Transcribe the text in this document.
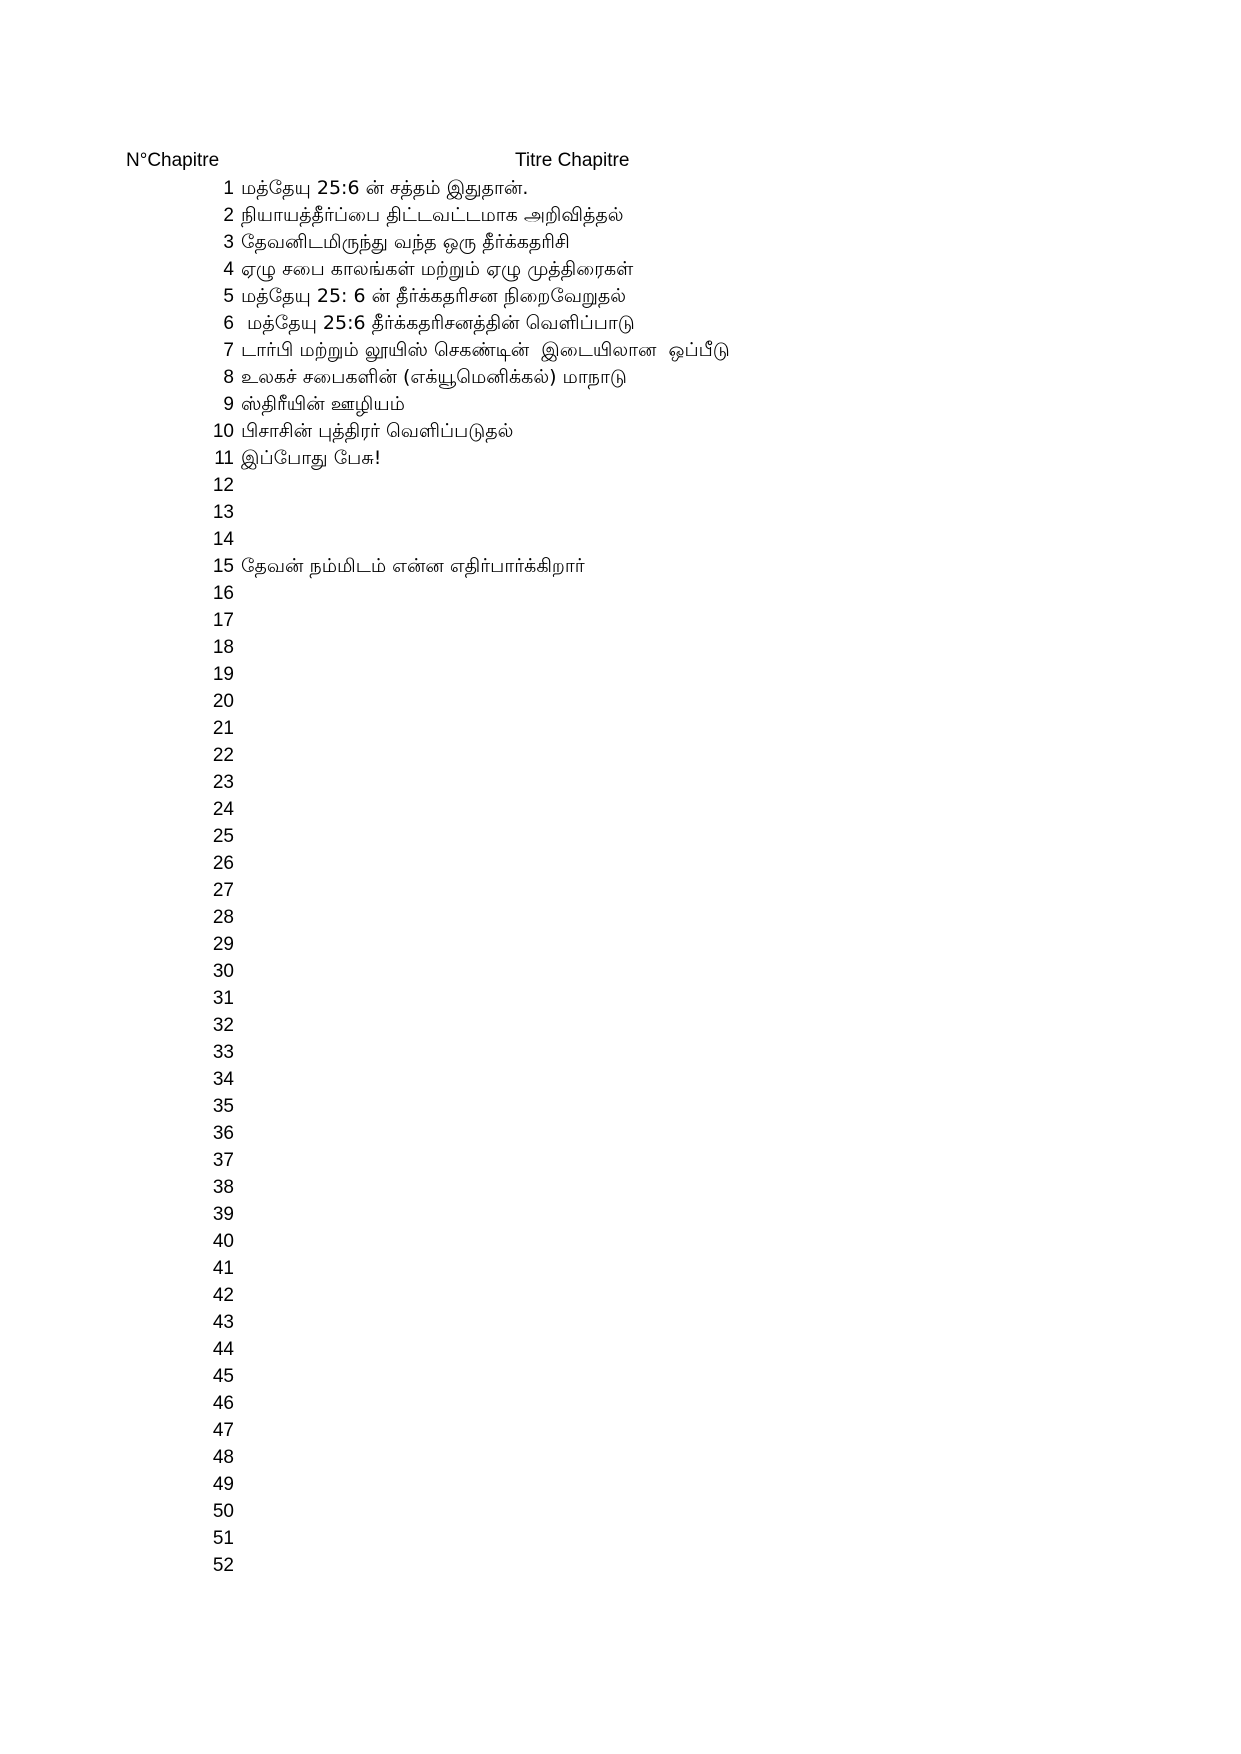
N°Chapitre	Titre Chapitre
1 மத்தேயு 25:6 ன் சத்தம் இதுதான்.
2 நியாயத்தீர்ப்பை திட்டவட்டமாக அறிவித்தல்
3 தேவனிடமிருந்து வந்த ஒரு தீர்க்கதரிசி
4 ஏழு சபை காலங்கள் மற்றும் ஏழு முத்திரைகள்
5 மத்தேயு 25: 6 ன் தீர்க்கதரிசன நிறைவேறுதல்
6 மத்தேயு 25:6 தீர்க்கதரிசனத்தின் வெளிப்பாடு
7 டார்பி மற்றும் லூயிஸ் செகண்டின்  இடையிலான  ஒப்பீடு
8 உலகச் சபைகளின் (எக்யூமெனிக்கல்) மாநாடு
9 ஸ்திரீயின் ஊழியம்
10 பிசாசின் புத்திரர் வெளிப்படுதல்
11 இப்போது பேசு!
12
13
14
15 தேவன் நம்மிடம் என்ன எதிர்பார்க்கிறார்
16
17
18
19
20
21
22
23
24
25
26
27
28
29
30
31
32
33
34
35
36
37
38
39
40
41
42
43
44
45
46
47
48
49
50
51
52
